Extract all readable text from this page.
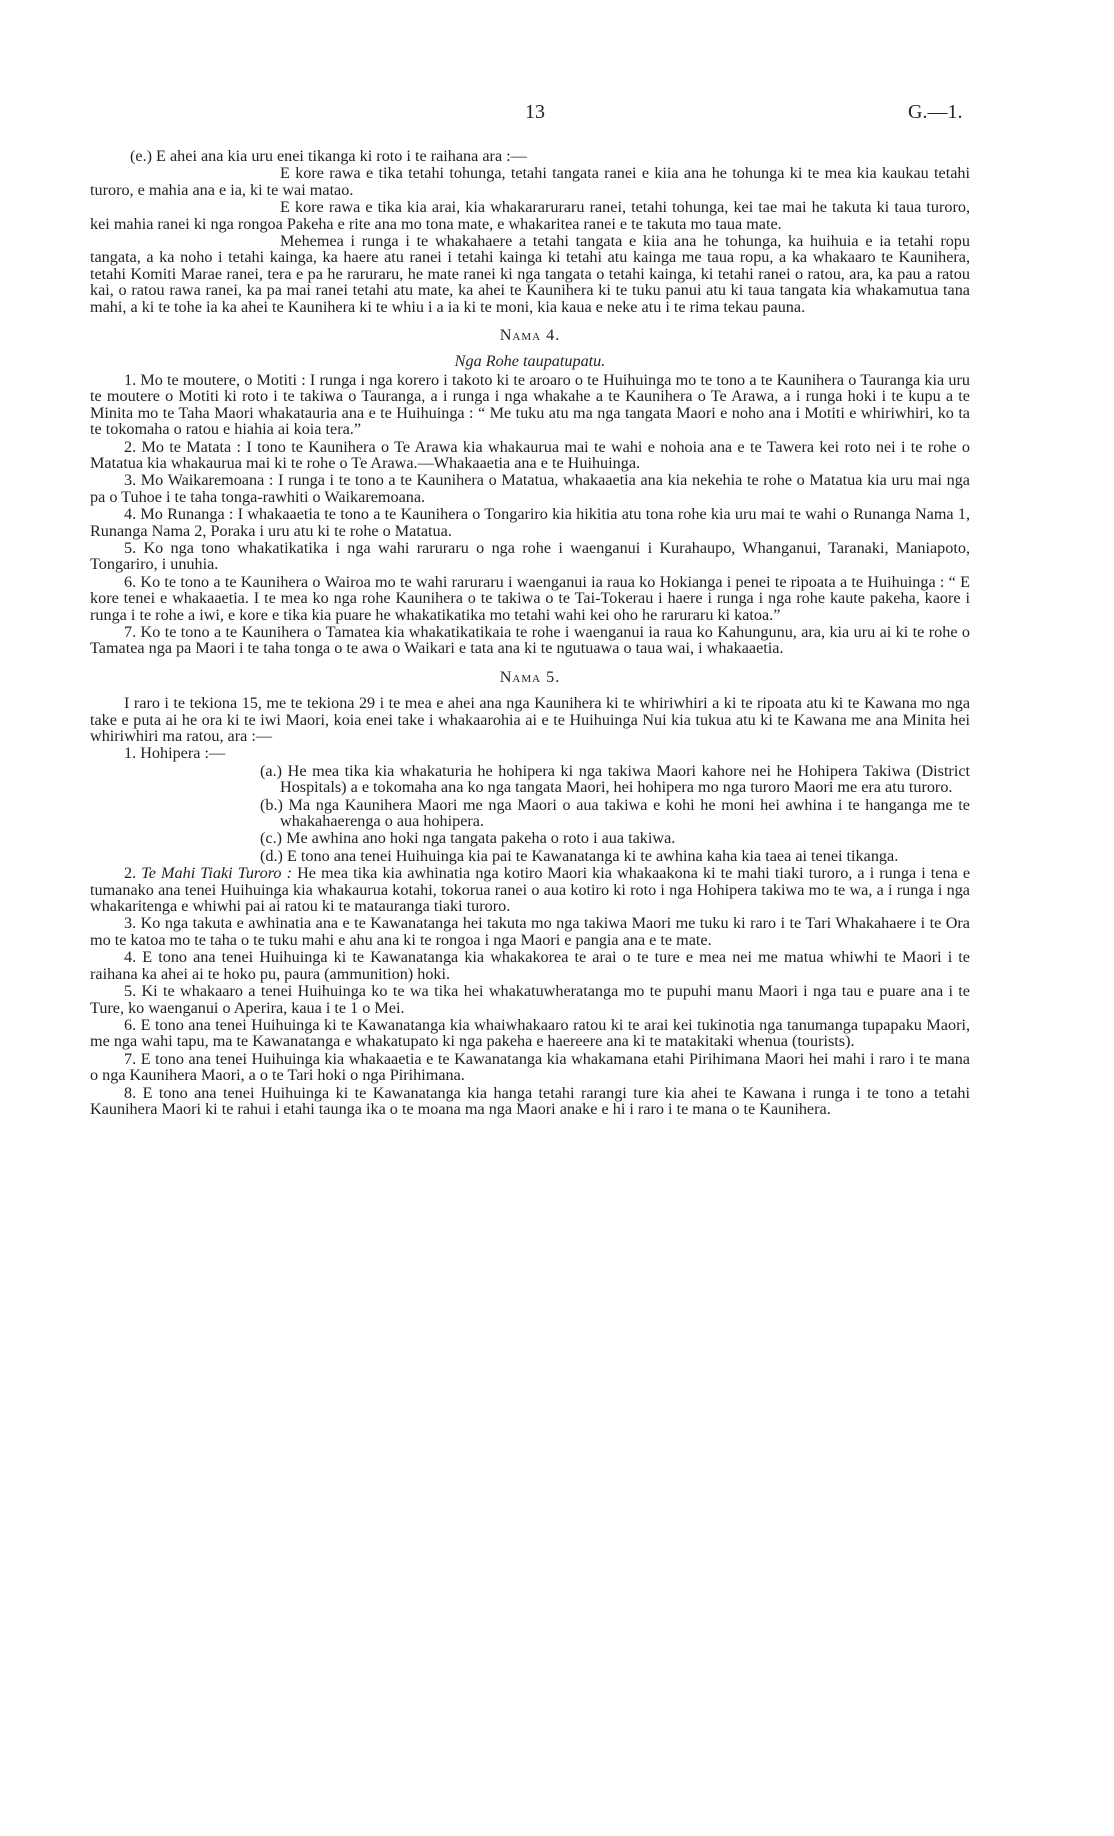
13	G.—1.

(e.) E ahei ana kia uru enei tikanga ki roto i te raihana ara :—

E kore rawa e tika tetahi tohunga, tetahi tangata ranei e kiia ana he tohunga ki te mea kia kaukau tetahi turoro, e mahia ana e ia, ki te wai matao.

E kore rawa e tika kia arai, kia whakararuraru ranei, tetahi tohunga, kei tae mai he takuta ki taua turoro, kei mahia ranei ki nga rongoa Pakeha e rite ana mo tona mate, e whakaritea ranei e te takuta mo taua mate.

Mehemea i runga i te whakahaere a tetahi tangata e kiia ana he tohunga, ka huihuia e ia tetahi ropu tangata, a ka noho i tetahi kainga, ka haere atu ranei i tetahi kainga ki tetahi atu kainga me taua ropu, a ka whakaaro te Kaunihera, tetahi Komiti Marae ranei, tera e pa he raruraru, he mate ranei ki nga tangata o tetahi kainga, ki tetahi ranei o ratou, ara, ka pau a ratou kai, o ratou rawa ranei, ka pa mai ranei tetahi atu mate, ka ahei te Kaunihera ki te tuku panui atu ki taua tangata kia whakamutua tana mahi, a ki te tohe ia ka ahei te Kaunihera ki te whiu i a ia ki te moni, kia kaua e neke atu i te rima tekau pauna.

Nama 4.
Nga Rohe taupatupatu.

1. Mo te moutere, o Motiti : I runga i nga korero i takoto ki te aroaro o te Huihuinga mo te tono a te Kaunihera o Tauranga kia uru te moutere o Motiti ki roto i te takiwa o Tauranga, a i runga i nga whakahe a te Kaunihera o Te Arawa, a i runga hoki i te kupu a te Minita mo te Taha Maori whakatauria ana e te Huihuinga : “ Me tuku atu ma nga tangata Maori e noho ana i Motiti e whiriwhiri, ko ta te tokomaha o ratou e hiahia ai koia tera.”

2. Mo te Matata : I tono te Kaunihera o Te Arawa kia whakaurua mai te wahi e nohoia ana e te Tawera kei roto nei i te rohe o Matatua kia whakaurua mai ki te rohe o Te Arawa.—Whakaaetia ana e te Huihuinga.

3. Mo Waikaremoana : I runga i te tono a te Kaunihera o Matatua, whakaaetia ana kia nekehia te rohe o Matatua kia uru mai nga pa o Tuhoe i te taha tonga-rawhiti o Waikaremoana.

4. Mo Runanga : I whakaaetia te tono a te Kaunihera o Tongariro kia hikitia atu tona rohe kia uru mai te wahi o Runanga Nama 1, Runanga Nama 2, Poraka i uru atu ki te rohe o Matatua.

5. Ko nga tono whakatikatika i nga wahi raruraru o nga rohe i waenganui i Kurahaupo, Whanganui, Taranaki, Maniapoto, Tongariro, i unuhia.

6. Ko te tono a te Kaunihera o Wairoa mo te wahi raruraru i waenganui ia raua ko Hokianga i penei te ripoata a te Huihuinga : “ E kore tenei e whakaaetia. I te mea ko nga rohe Kaunihera o te takiwa o te Tai-Tokerau i haere i runga i nga rohe kaute pakeha, kaore i runga i te rohe a iwi, e kore e tika kia puare he whakatikatika mo tetahi wahi kei oho he raruraru ki katoa.”

7. Ko te tono a te Kaunihera o Tamatea kia whakatikatikaia te rohe i waenganui ia raua ko Kahungunu, ara, kia uru ai ki te rohe o Tamatea nga pa Maori i te taha tonga o te awa o Waikari e tata ana ki te ngutuawa o taua wai, i whakaaetia.

Nama 5.

I raro i te tekiona 15, me te tekiona 29 i te mea e ahei ana nga Kaunihera ki te whiriwhiri a ki te ripoata atu ki te Kawana mo nga take e puta ai he ora ki te iwi Maori, koia enei take i whakaarohia ai e te Huihuinga Nui kia tukua atu ki te Kawana me ana Minita hei whiriwhiri ma ratou, ara :—

1. Hohipera :—

(a.) He mea tika kia whakaturia he hohipera ki nga takiwa Maori kahore nei he Hohipera Takiwa (District Hospitals) a e tokomaha ana ko nga tangata Maori, hei hohipera mo nga turoro Maori me era atu turoro.

(b.) Ma nga Kaunihera Maori me nga Maori o aua takiwa e kohi he moni hei awhina i te hanganga me te whakahaerenga o aua hohipera.

(c.) Me awhina ano hoki nga tangata pakeha o roto i aua takiwa.

(d.) E tono ana tenei Huihuinga kia pai te Kawanatanga ki te awhina kaha kia taea ai tenei tikanga.

2. Te Mahi Tiaki Turoro : He mea tika kia awhinatia nga kotiro Maori kia whakaakona ki te mahi tiaki turoro, a i runga i tena e tumanako ana tenei Huihuinga kia whakaurua kotahi, tokorua ranei o aua kotiro ki roto i nga Hohipera takiwa mo te wa, a i runga i nga whakaritenga e whiwhi pai ai ratou ki te matauranga tiaki turoro.

3. Ko nga takuta e awhinatia ana e te Kawanatanga hei takuta mo nga takiwa Maori me tuku ki raro i te Tari Whakahaere i te Ora mo te katoa mo te taha o te tuku mahi e ahu ana ki te rongoa i nga Maori e pangia ana e te mate.

4. E tono ana tenei Huihuinga ki te Kawanatanga kia whakakorea te arai o te ture e mea nei me matua whiwhi te Maori i te raihana ka ahei ai te hoko pu, paura (ammunition) hoki.

5. Ki te whakaaro a tenei Huihuinga ko te wa tika hei whakatuwheratanga mo te pupuhi manu Maori i nga tau e puare ana i te Ture, ko waenganui o Aperira, kaua i te 1 o Mei.

6. E tono ana tenei Huihuinga ki te Kawanatanga kia whaiwhakaaro ratou ki te arai kei tukinotia nga tanumanga tupapaku Maori, me nga wahi tapu, ma te Kawanatanga e whakatupato ki nga pakeha e haereere ana ki te matakitaki whenua (tourists).

7. E tono ana tenei Huihuinga kia whakaaetia e te Kawanatanga kia whakamana etahi Pirihimana Maori hei mahi i raro i te mana o nga Kaunihera Maori, a o te Tari hoki o nga Pirihimana.

8. E tono ana tenei Huihuinga ki te Kawanatanga kia hanga tetahi rarangi ture kia ahei te Kawana i runga i te tono a tetahi Kaunihera Maori ki te rahui i etahi taunga ika o te moana ma nga Maori anake e hi i raro i te mana o te Kaunihera.
